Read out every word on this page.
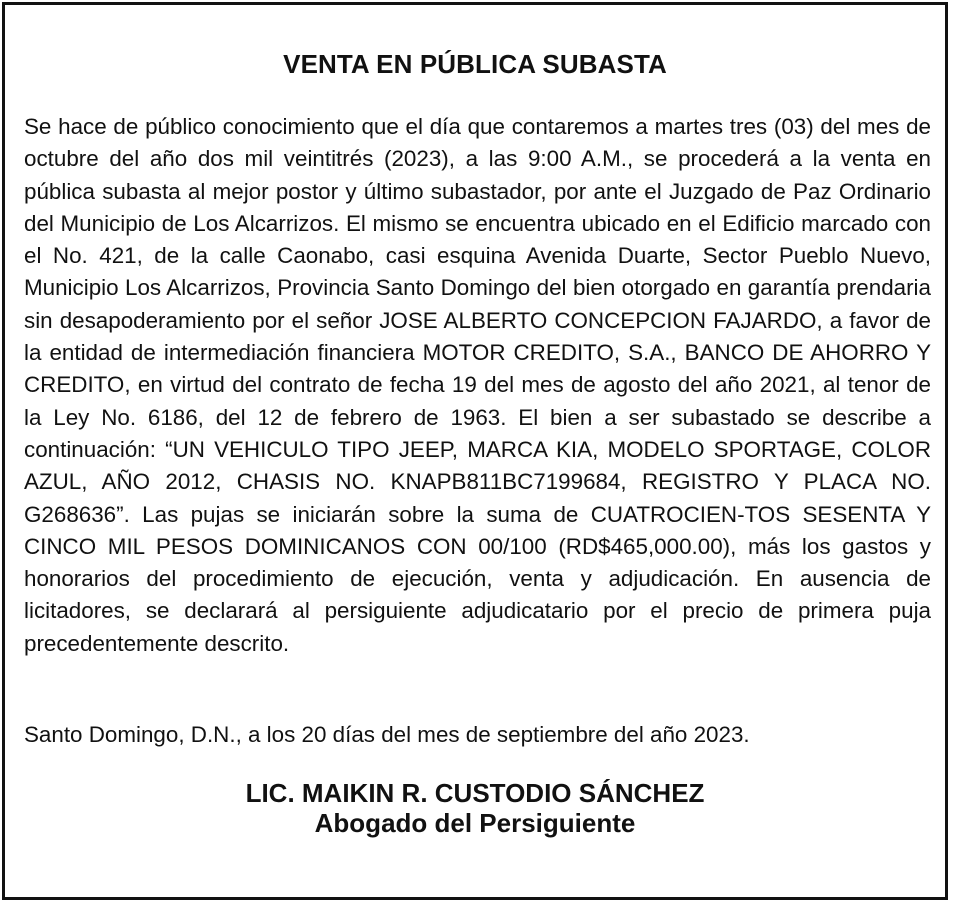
VENTA EN PÚBLICA SUBASTA

Se hace de público conocimiento que el día que contaremos a martes tres (03) del mes de octubre del año dos mil veintitrés (2023), a las 9:00 A.M., se procederá a la venta en pública subasta al mejor postor y último subastador, por ante el Juzgado de Paz Ordinario del Municipio de Los Alcarrizos. El mismo se encuentra ubicado en el Edificio marcado con el No. 421, de la calle Caonabo, casi esquina Avenida Duarte, Sector Pueblo Nuevo, Municipio Los Alcarrizos, Provincia Santo Domingo del bien otorgado en garantía prendaria sin desapoderamiento por el señor JOSE ALBERTO CONCEPCION FAJARDO, a favor de la entidad de intermediación financiera MOTOR CREDITO, S.A., BANCO DE AHORRO Y CREDITO, en virtud del contrato de fecha 19 del mes de agosto del año 2021, al tenor de la Ley No. 6186, del 12 de febrero de 1963. El bien a ser subastado se describe a continuación: “UN VEHICULO TIPO JEEP, MARCA KIA, MODELO SPORTAGE, COLOR AZUL, AÑO 2012, CHASIS NO. KNAPB811BC7199684, REGISTRO Y PLACA NO. G268636”. Las pujas se iniciarán sobre la suma de CUATROCIEN-TOS SESENTA Y CINCO MIL PESOS DOMINICANOS CON 00/100 (RD$465,000.00), más los gastos y honorarios del procedimiento de ejecución, venta y adjudicación. En ausencia de licitadores, se declarará al persiguiente adjudicatario por el precio de primera puja precedentemente descrito.

Santo Domingo, D.N., a los 20 días del mes de septiembre del año 2023.

LIC. MAIKIN R. CUSTODIO SÁNCHEZ
Abogado del Persiguiente
